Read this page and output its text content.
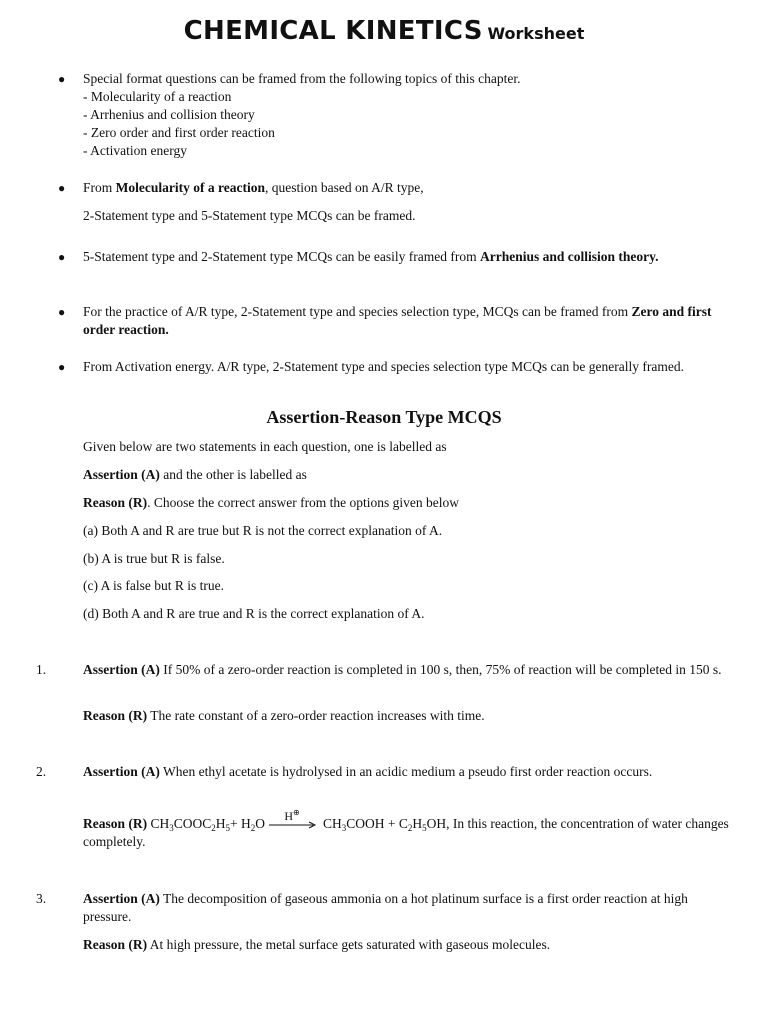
CHEMICAL KINETICS Worksheet
●	Special format questions can be framed from the following topics of this chapter.
- Molecularity of a reaction
- Arrhenius and collision theory
- Zero order and first order reaction
- Activation energy
●	From Molecularity of a reaction, question based on A/R type,
2-Statement type and 5-Statement type MCQs can be framed.
●	5-Statement type and 2-Statement type MCQs can be easily framed from Arrhenius and collision theory.
●	For the practice of A/R type, 2-Statement type and species selection type, MCQs can be framed from Zero and first order reaction.
●	From Activation energy. A/R type, 2-Statement type and species selection type MCQs can be generally framed.
Assertion-Reason Type MCQS
Given below are two statements in each question, one is labelled as
Assertion (A) and the other is labelled as
Reason (R). Choose the correct answer from the options given below
(a) Both A and R are true but R is not the correct explanation of A.
(b) A is true but R is false.
(c) A is false but R is true.
(d) Both A and R are true and R is the correct explanation of A.
1.	Assertion (A) If 50% of a zero-order reaction is completed in 100 s, then, 75% of reaction will be completed in 150 s.
Reason (R) The rate constant of a zero-order reaction increases with time.
2.	Assertion (A) When ethyl acetate is hydrolysed in an acidic medium a pseudo first order reaction occurs.
Reason (R) $CH_3COOC_2H_5+ H_2O$	H⊕
$CH_3COOH + C_2H_5OH$, In this reaction, the concentration of water changes completely.
3.	Assertion (A) The decomposition of gaseous ammonia on a hot platinum surface is a first order reaction at high pressure.
Reason (R) At high pressure, the metal surface gets saturated with gaseous molecules.
